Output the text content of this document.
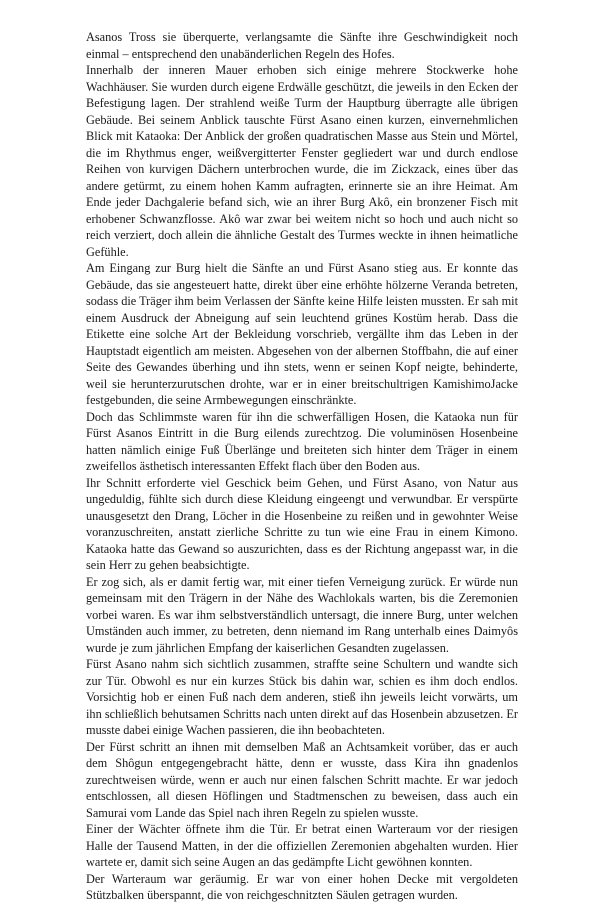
Asanos Tross sie überquerte, verlangsamte die Sänfte ihre Geschwindigkeit noch einmal – entsprechend den unabänderlichen Regeln des Hofes.

Innerhalb der inneren Mauer erhoben sich einige mehrere Stockwerke hohe Wachhäuser. Sie wurden durch eigene Erdwälle geschützt, die jeweils in den Ecken der Befestigung lagen. Der strahlend weiße Turm der Hauptburg überragte alle übrigen Gebäude. Bei seinem Anblick tauschte Fürst Asano einen kurzen, einvernehmlichen Blick mit Kataoka: Der Anblick der großen quadratischen Masse aus Stein und Mörtel, die im Rhythmus enger, weißvergitterter Fenster gegliedert war und durch endlose Reihen von kurvigen Dächern unterbrochen wurde, die im Zickzack, eines über das andere getürmt, zu einem hohen Kamm aufragten, erinnerte sie an ihre Heimat. Am Ende jeder Dachgalerie befand sich, wie an ihrer Burg Akô, ein bronzener Fisch mit erhobener Schwanzflosse. Akô war zwar bei weitem nicht so hoch und auch nicht so reich verziert, doch allein die ähnliche Gestalt des Turmes weckte in ihnen heimatliche Gefühle.

Am Eingang zur Burg hielt die Sänfte an und Fürst Asano stieg aus. Er konnte das Gebäude, das sie angesteuert hatte, direkt über eine erhöhte hölzerne Veranda betreten, sodass die Träger ihm beim Verlassen der Sänfte keine Hilfe leisten mussten. Er sah mit einem Ausdruck der Abneigung auf sein leuchtend grünes Kostüm herab. Dass die Etikette eine solche Art der Bekleidung vorschrieb, vergällte ihm das Leben in der Hauptstadt eigentlich am meisten. Abgesehen von der albernen Stoffbahn, die auf einer Seite des Gewandes überhing und ihn stets, wenn er seinen Kopf neigte, behinderte, weil sie herunterzurutschen drohte, war er in einer breitschultrigen KamishimoJacke festgebunden, die seine Armbewegungen einschränkte.

Doch das Schlimmste waren für ihn die schwerfälligen Hosen, die Kataoka nun für Fürst Asanos Eintritt in die Burg eilends zurechtzog. Die voluminösen Hosenbeine hatten nämlich einige Fuß Überlänge und breiteten sich hinter dem Träger in einem zweifellos ästhetisch interessanten Effekt flach über den Boden aus.

Ihr Schnitt erforderte viel Geschick beim Gehen, und Fürst Asano, von Natur aus ungeduldig, fühlte sich durch diese Kleidung eingeengt und verwundbar. Er verspürte unausgesetzt den Drang, Löcher in die Hosenbeine zu reißen und in gewohnter Weise voranzuschreiten, anstatt zierliche Schritte zu tun wie eine Frau in einem Kimono. Kataoka hatte das Gewand so auszurichten, dass es der Richtung angepasst war, in die sein Herr zu gehen beabsichtigte.

Er zog sich, als er damit fertig war, mit einer tiefen Verneigung zurück. Er würde nun gemeinsam mit den Trägern in der Nähe des Wachlokals warten, bis die Zeremonien vorbei waren. Es war ihm selbstverständlich untersagt, die innere Burg, unter welchen Umständen auch immer, zu betreten, denn niemand im Rang unterhalb eines Daimyôs wurde je zum jährlichen Empfang der kaiserlichen Gesandten zugelassen.

Fürst Asano nahm sich sichtlich zusammen, straffte seine Schultern und wandte sich zur Tür. Obwohl es nur ein kurzes Stück bis dahin war, schien es ihm doch endlos. Vorsichtig hob er einen Fuß nach dem anderen, stieß ihn jeweils leicht vorwärts, um ihn schließlich behutsamen Schritts nach unten direkt auf das Hosenbein abzusetzen. Er musste dabei einige Wachen passieren, die ihn beobachteten.

Der Fürst schritt an ihnen mit demselben Maß an Achtsamkeit vorüber, das er auch dem Shôgun entgegengebracht hätte, denn er wusste, dass Kira ihn gnadenlos zurechtweisen würde, wenn er auch nur einen falschen Schritt machte. Er war jedoch entschlossen, all diesen Höflingen und Stadtmenschen zu beweisen, dass auch ein Samurai vom Lande das Spiel nach ihren Regeln zu spielen wusste.

Einer der Wächter öffnete ihm die Tür. Er betrat einen Warteraum vor der riesigen Halle der Tausend Matten, in der die offiziellen Zeremonien abgehalten wurden. Hier wartete er, damit sich seine Augen an das gedämpfte Licht gewöhnen konnten.

Der Warteraum war geräumig. Er war von einer hohen Decke mit vergoldeten Stützbalken überspannt, die von reichgeschnitzten Säulen getragen wurden.
